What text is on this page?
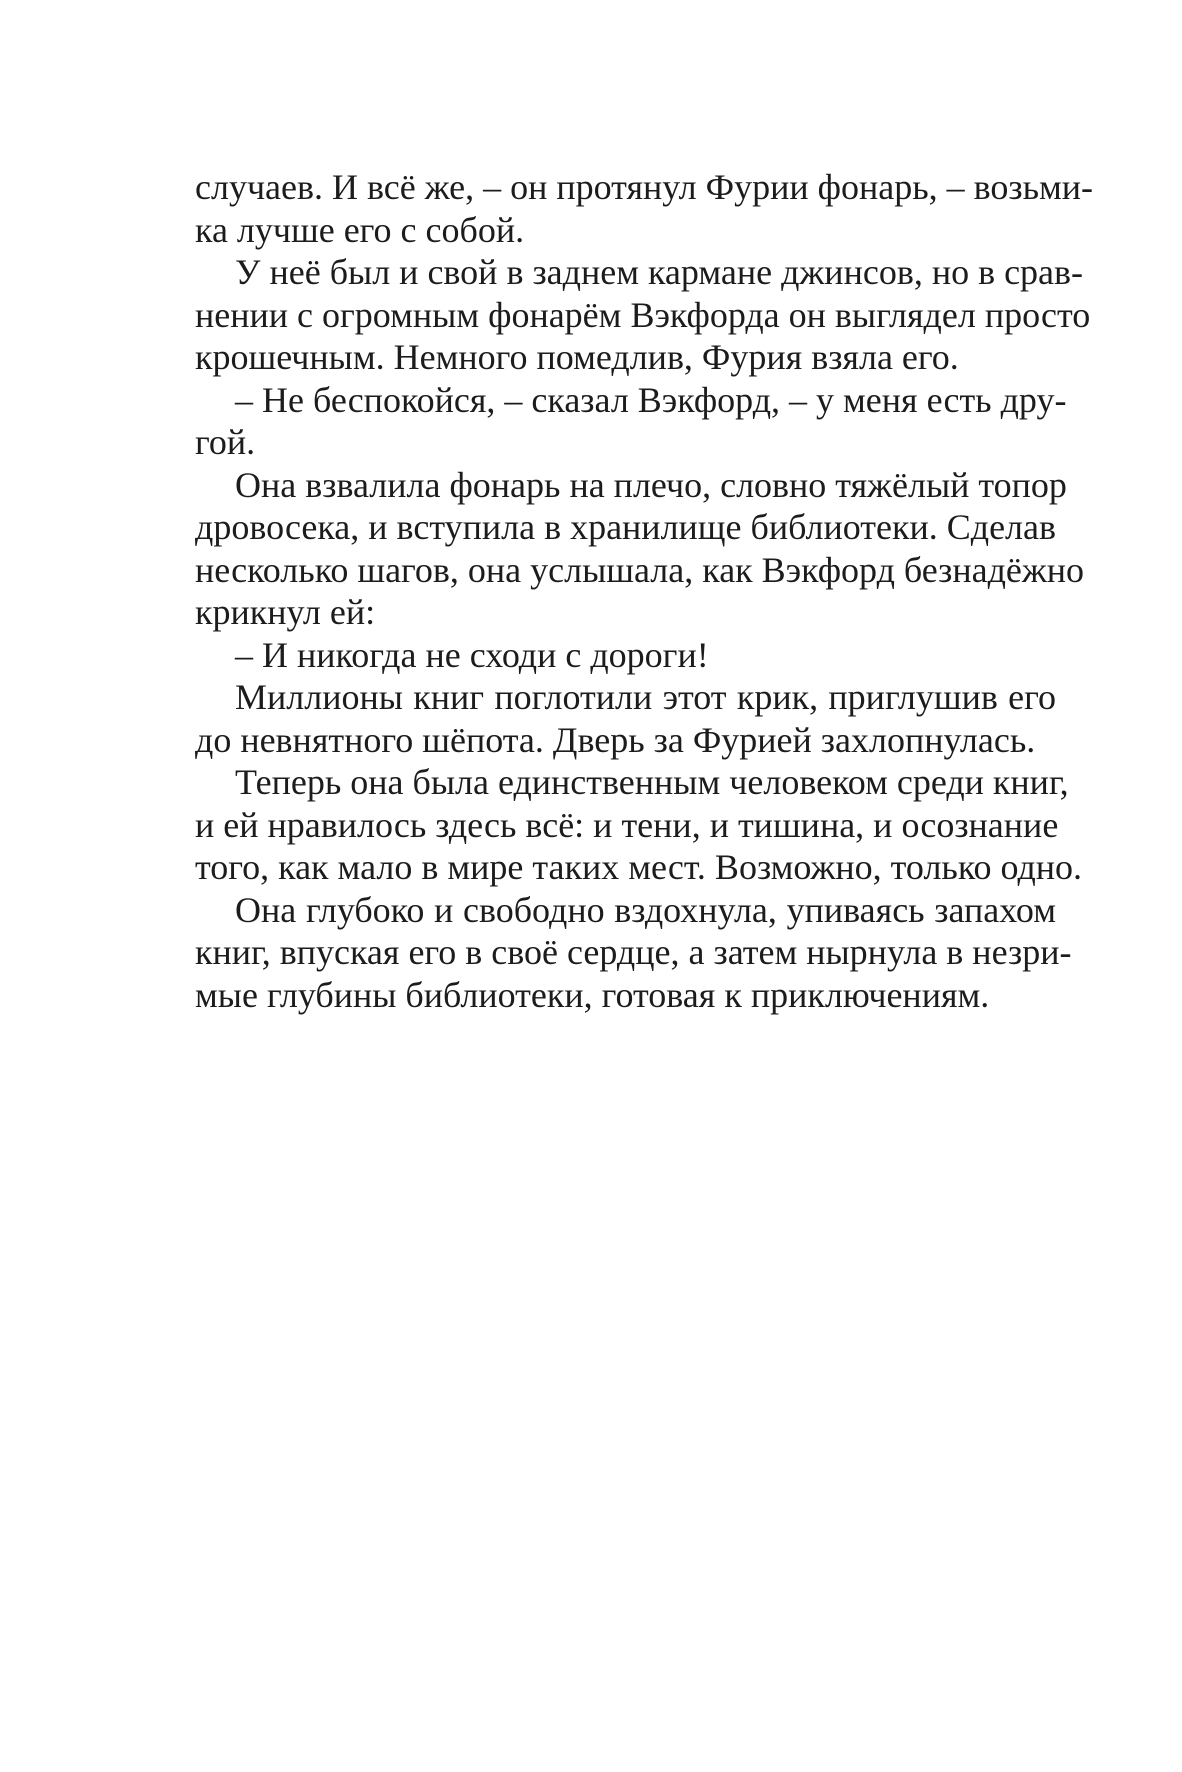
случаев. И всё же, – он протянул Фурии фонарь, – возьми-
ка лучше его с собой.
У неё был и свой в заднем кармане джинсов, но в срав-
нении с огромным фонарём Вэкфорда он выглядел просто
крошечным. Немного помедлив, Фурия взяла его.
– Не беспокойся, – сказал Вэкфорд, – у меня есть дру-
гой.
Она взвалила фонарь на плечо, словно тяжёлый топор
дровосека, и вступила в хранилище библиотеки. Сделав
несколько шагов, она услышала, как Вэкфорд безнадёжно
крикнул ей:
– И никогда не сходи с дороги!
Миллионы книг поглотили этот крик, приглушив его
до невнятного шёпота. Дверь за Фурией захлопнулась.
Теперь она была единственным человеком среди книг,
и ей нравилось здесь всё: и тени, и тишина, и осознание
того, как мало в мире таких мест. Возможно, только одно.
Она глубоко и свободно вздохнула, упиваясь запахом
книг, впуская его в своё сердце, а затем нырнула в незри-
мые глубины библиотеки, готовая к приключениям.
